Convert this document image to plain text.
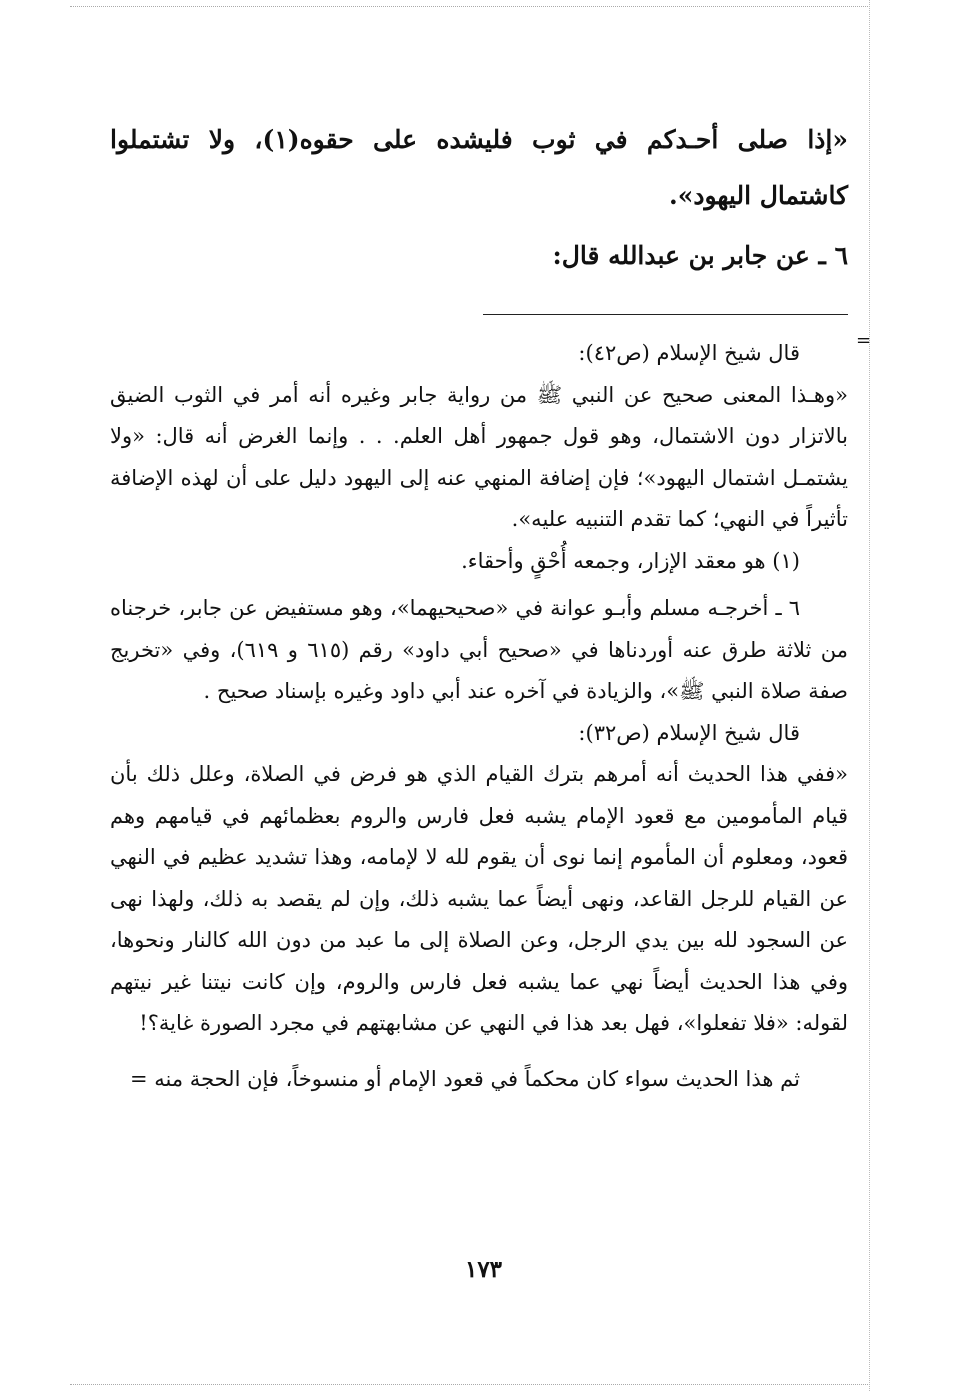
=

«إذا صلى أحـدكم في ثوب فليشده على حقوه(١)، ولا تشتملوا كاشتمال اليهود».

٦ ـ عن جابر بن عبدالله قال:

قال شيخ الإسلام (ص٤٢):

«وهـذا المعنى صحيح عن النبي ﷺ من رواية جابر وغيره أنه أمر في الثوب الضيق بالاتزار دون الاشتمال، وهو قول جمهور أهل العلم. . . وإنما الغرض أنه قال: «ولا يشتمـل اشتمال اليهود»؛ فإن إضافة المنهي عنه إلى اليهود دليل على أن لهذه الإضافة تأثيراً في النهي؛ كما تقدم التنبيه عليه».

(١) هو معقد الإزار، وجمعه أُحْقٍ وأحقاء.

٦ ـ أخرجـه مسلم وأبـو عوانة في «صحيحيهما»، وهو مستفيض عن جابر، خرجناه من ثلاثة طرق عنه أوردناها في «صحيح أبي داود» رقم (٦١٥ و ٦١٩)، وفي «تخريج صفة صلاة النبي ﷺ»، والزيادة في آخره عند أبي داود وغيره بإسناد صحيح .

قال شيخ الإسلام (ص٣٢):

«ففي هذا الحديث أنه أمرهم بترك القيام الذي هو فرض في الصلاة، وعلل ذلك بأن قيام المأمومين مع قعود الإمام يشبه فعل فارس والروم بعظمائهم في قيامهم وهم قعود، ومعلوم أن المأموم إنما نوى أن يقوم لله لا لإمامه، وهذا تشديد عظيم في النهي عن القيام للرجل القاعد، ونهى أيضاً عما يشبه ذلك، وإن لم يقصد به ذلك، ولهذا نهى عن السجود لله بين يدي الرجل، وعن الصلاة إلى ما عبد من دون الله كالنار ونحوها، وفي هذا الحديث أيضاً نهي عما يشبه فعل فارس والروم، وإن كانت نيتنا غير نيتهم لقوله: «فلا تفعلوا»، فهل بعد هذا في النهي عن مشابهتهم في مجرد الصورة غاية؟!

ثم هذا الحديث سواء كان محكماً في قعود الإمام أو منسوخاً، فإن الحجة منه =

١٧٣
